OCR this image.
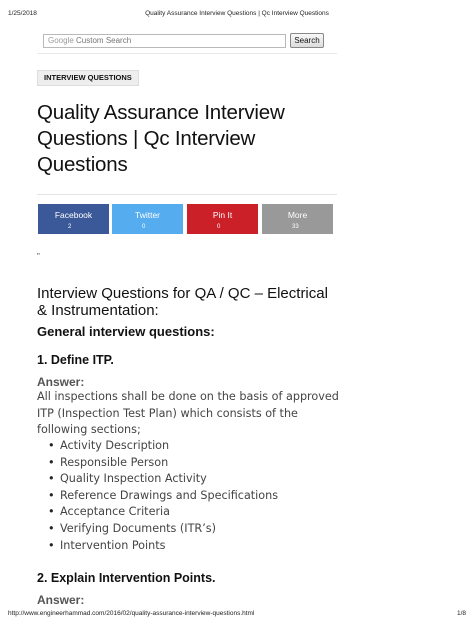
1/25/2018	Quality Assurance Interview Questions | Qc Interview Questions
Google Custom Search	Search
INTERVIEW QUESTIONS
Quality Assurance Interview Questions | Qc Interview Questions
Facebook
2
Twitter
0
Pin It
0
More
33
"
Interview Questions for QA / QC – Electrical & Instrumentation:
General interview questions:
1. Define ITP.
Answer:

All inspections shall be done on the basis of approved ITP (Inspection Test Plan) which consists of the following sections;

• Activity Description
• Responsible Person
• Quality Inspection Activity
• Reference Drawings and Specifications
• Acceptance Criteria
• Verifying Documents (ITR’s)
• Intervention Points
2. Explain Intervention Points.
Answer:
http://www.engineerhammad.com/2016/02/quality-assurance-interview-questions.html	1/8
